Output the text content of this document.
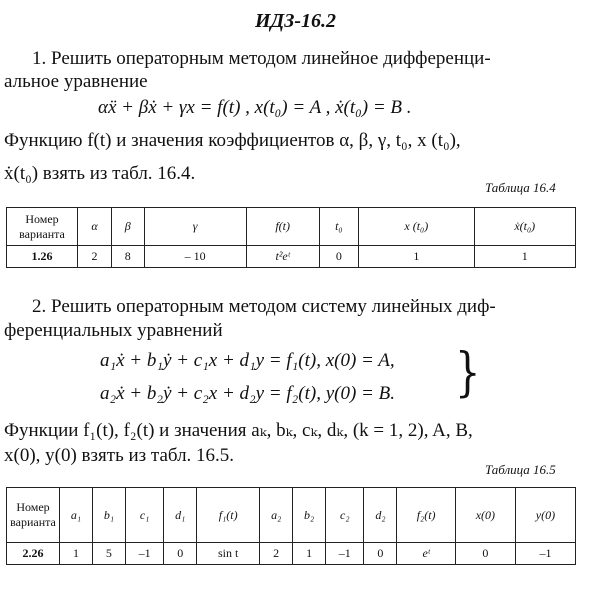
ИДЗ-16.2
1. Решить операторным методом линейное дифференци-
альное уравнение
αẍ + βẋ + γx = f(t) , x(t₀) = A , ẋ(t₀) = B .
Функцию f(t) и значения коэффициентов α, β, γ, t₀, x (t₀),
ẋ(t₀) взять из табл. 16.4.
Таблица 16.4
Номер варианта	α	β	γ	f(t)	t₀	x (t₀)	ẋ(t₀)
1.26	2	8	– 10	t²eᵗ	0	1	1
2. Решить операторным методом систему линейных диф-
ференциальных уравнений
a₁ẋ + b₁ẏ + c₁x + d₁y = f₁(t), x(0) = A,
a₂ẋ + b₂ẏ + c₂x + d₂y = f₂(t), y(0) = B. }
Функции f₁(t), f₂(t) и значения aₖ, bₖ, cₖ, dₖ, (k = 1, 2), A, B,
x(0), y(0) взять из табл. 16.5.
Таблица 16.5
Номер варианта	a₁	b₁	c₁	d₁	f₁(t)	a₂	b₂	c₂	d₂	f₂(t)	x(0)	y(0)
2.26	1	5	–1	0	sin t	2	1	–1	0	eᵗ	0	–1
